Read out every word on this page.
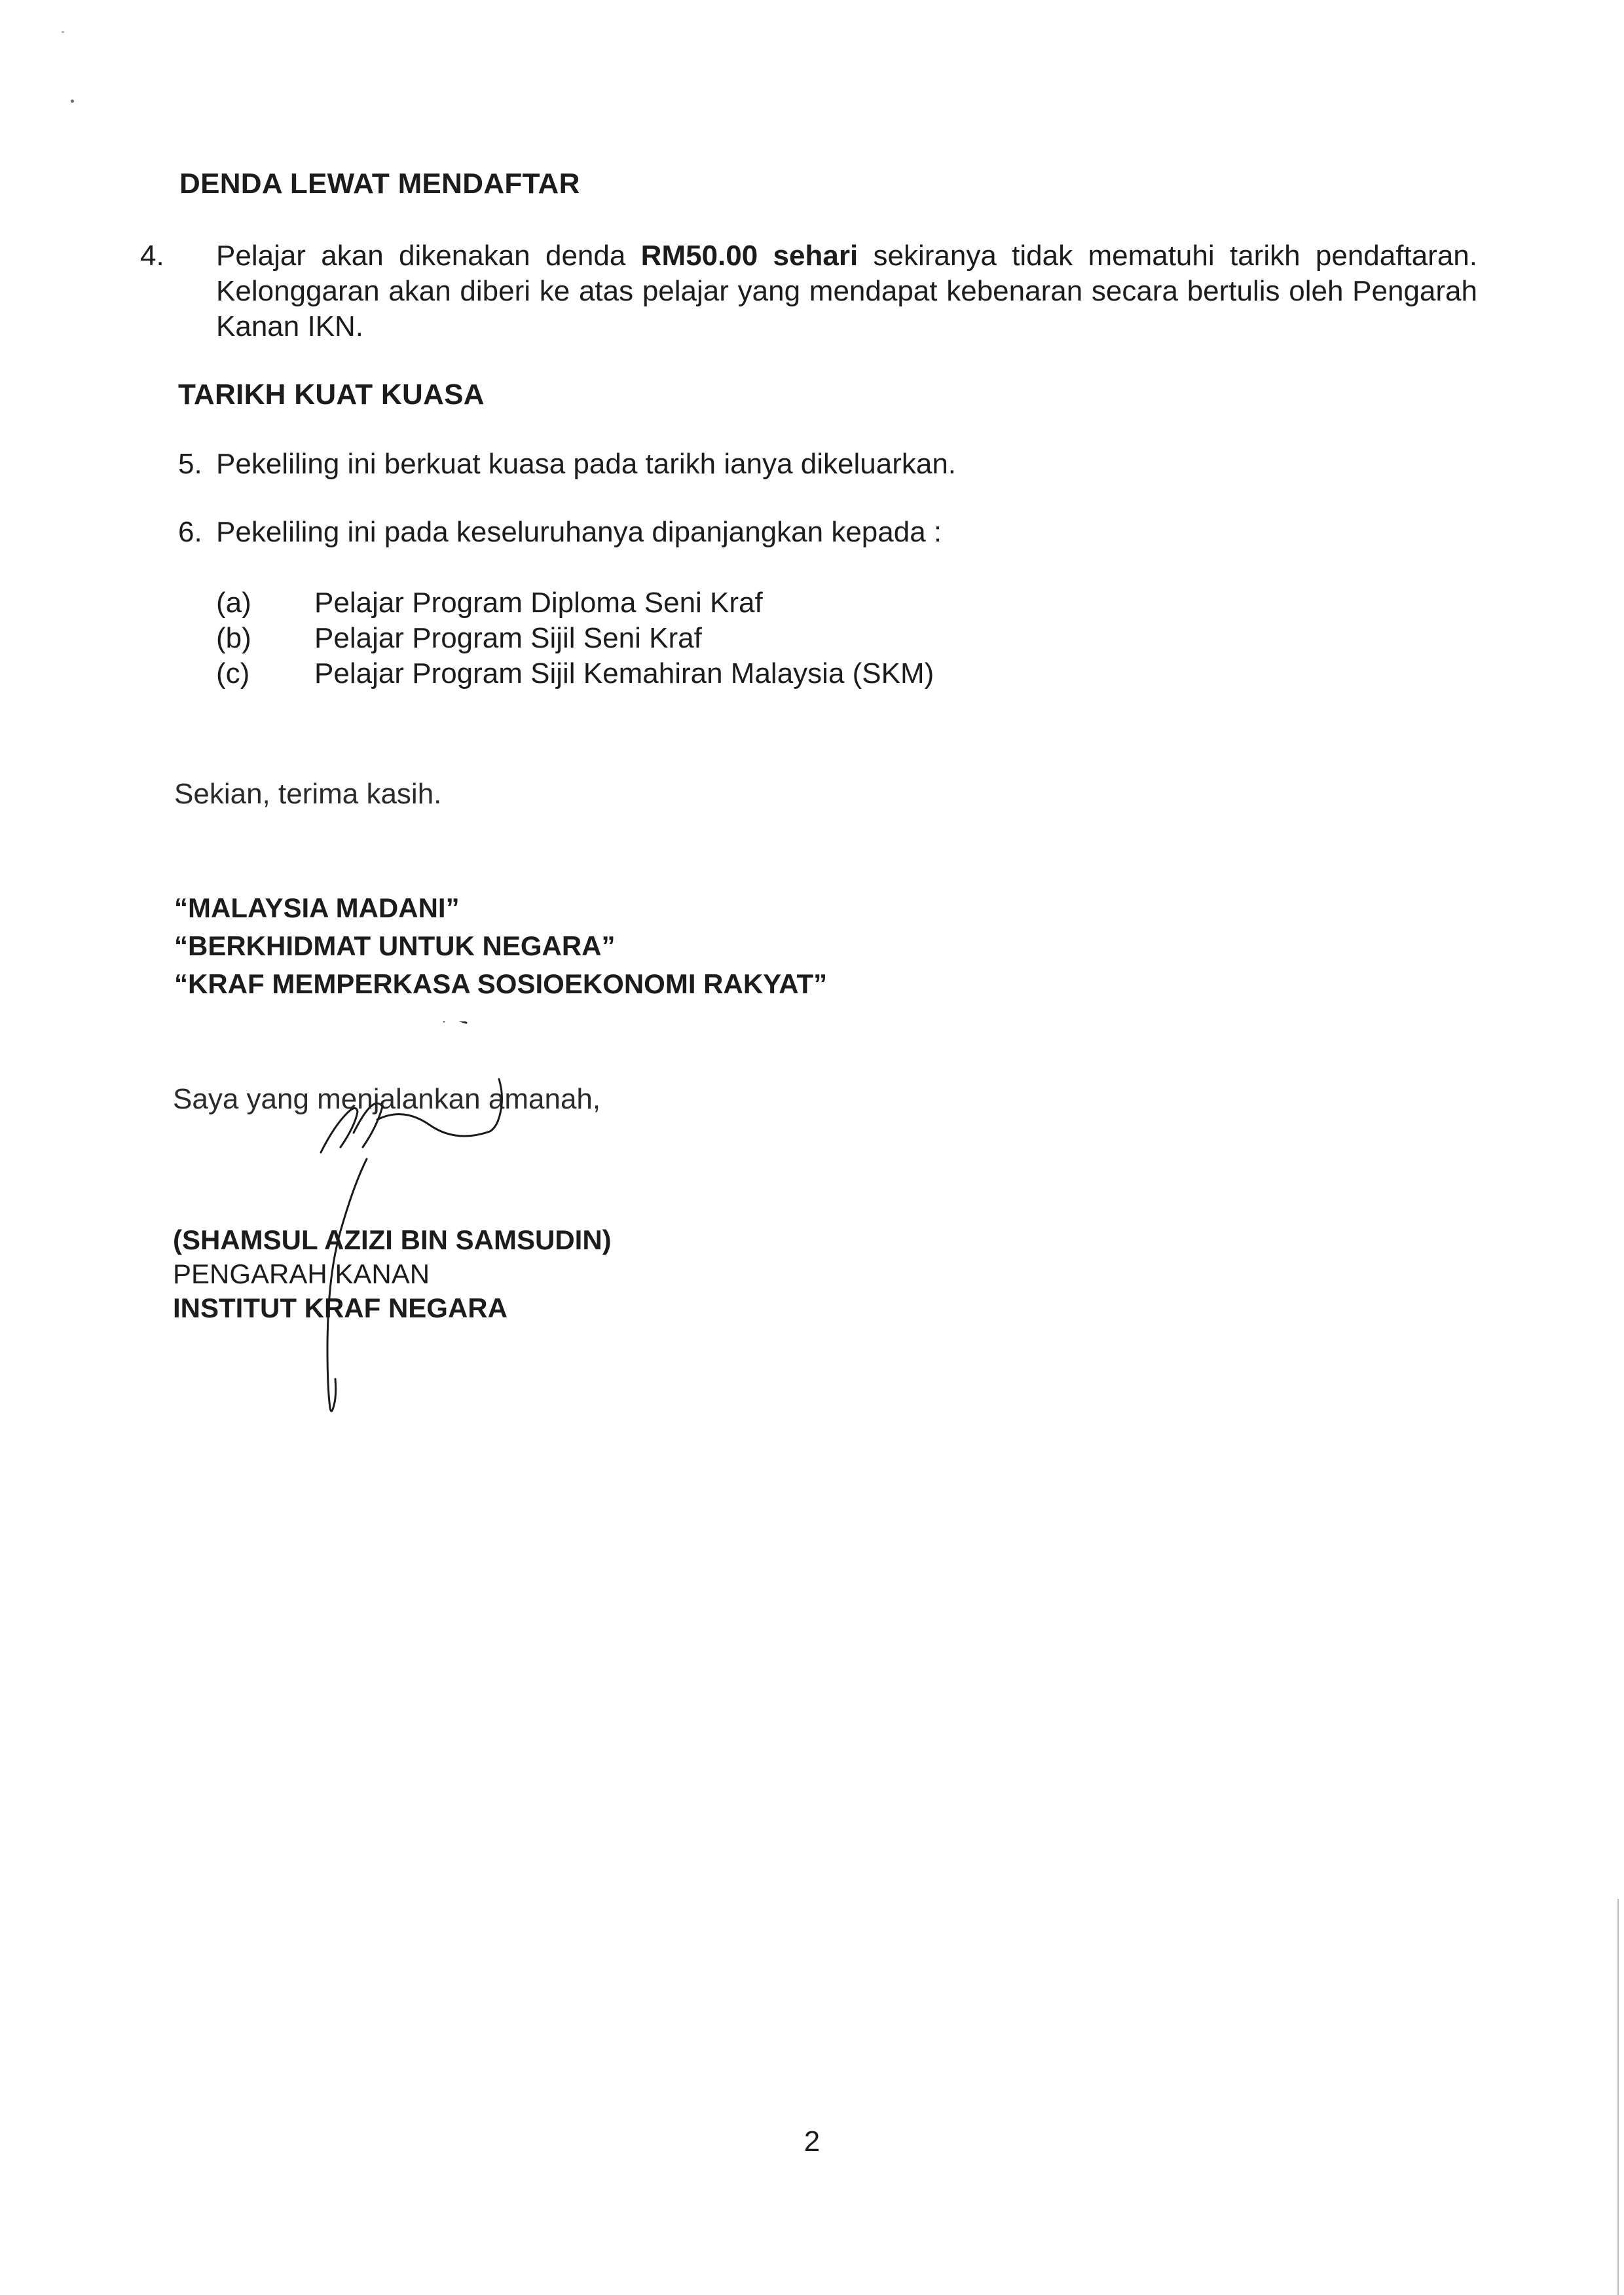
DENDA LEWAT MENDAFTAR
4. Pelajar akan dikenakan denda RM50.00 sehari sekiranya tidak mematuhi tarikh pendaftaran. Kelonggaran akan diberi ke atas pelajar yang mendapat kebenaran secara bertulis oleh Pengarah Kanan IKN.
TARIKH KUAT KUASA
5. Pekeliling ini berkuat kuasa pada tarikh ianya dikeluarkan.
6. Pekeliling ini pada keseluruhanya dipanjangkan kepada :
(a)	Pelajar Program Diploma Seni Kraf
(b)	Pelajar Program Sijil Seni Kraf
(c)	Pelajar Program Sijil Kemahiran Malaysia (SKM)
Sekian, terima kasih.
“MALAYSIA MADANI”
“BERKHIDMAT UNTUK NEGARA”
“KRAF MEMPERKASA SOSIOEKONOMI RAKYAT”
Saya yang menjalankan amanah,
(SHAMSUL AZIZI BIN SAMSUDIN)
PENGARAH KANAN
INSTITUT KRAF NEGARA
2
